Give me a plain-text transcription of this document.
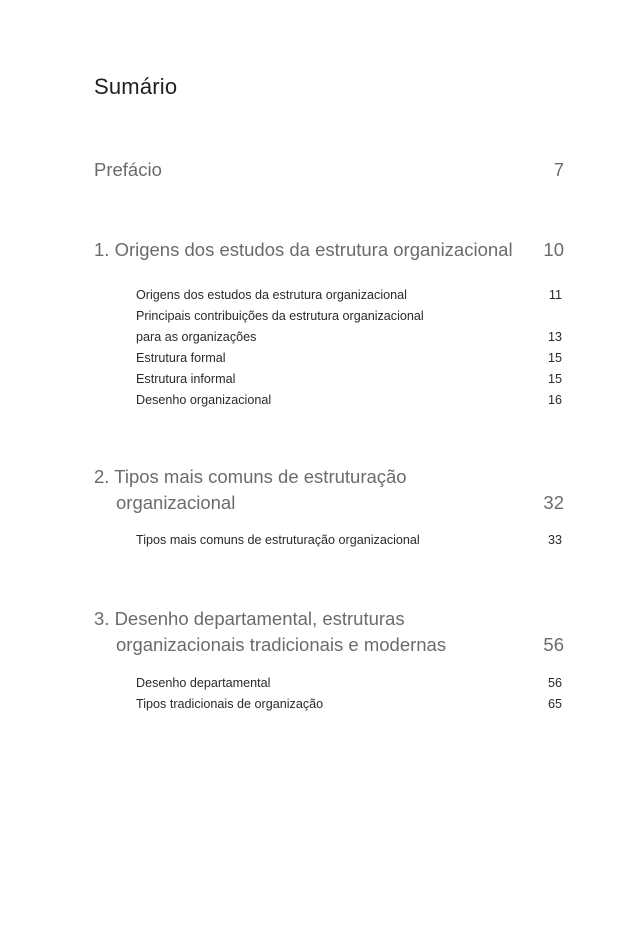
Sumário
Prefácio	7
1. Origens dos estudos da estrutura organizacional 10
Origens dos estudos da estrutura organizacional	11
Principais contribuições da estrutura organizacional
para as organizações	13
Estrutura formal	15
Estrutura informal	15
Desenho organizacional	16
2. Tipos mais comuns de estruturação
organizacional	32
Tipos mais comuns de estruturação organizacional	33
3. Desenho departamental, estruturas
organizacionais tradicionais e modernas	56
Desenho departamental	56
Tipos tradicionais de organização	65
